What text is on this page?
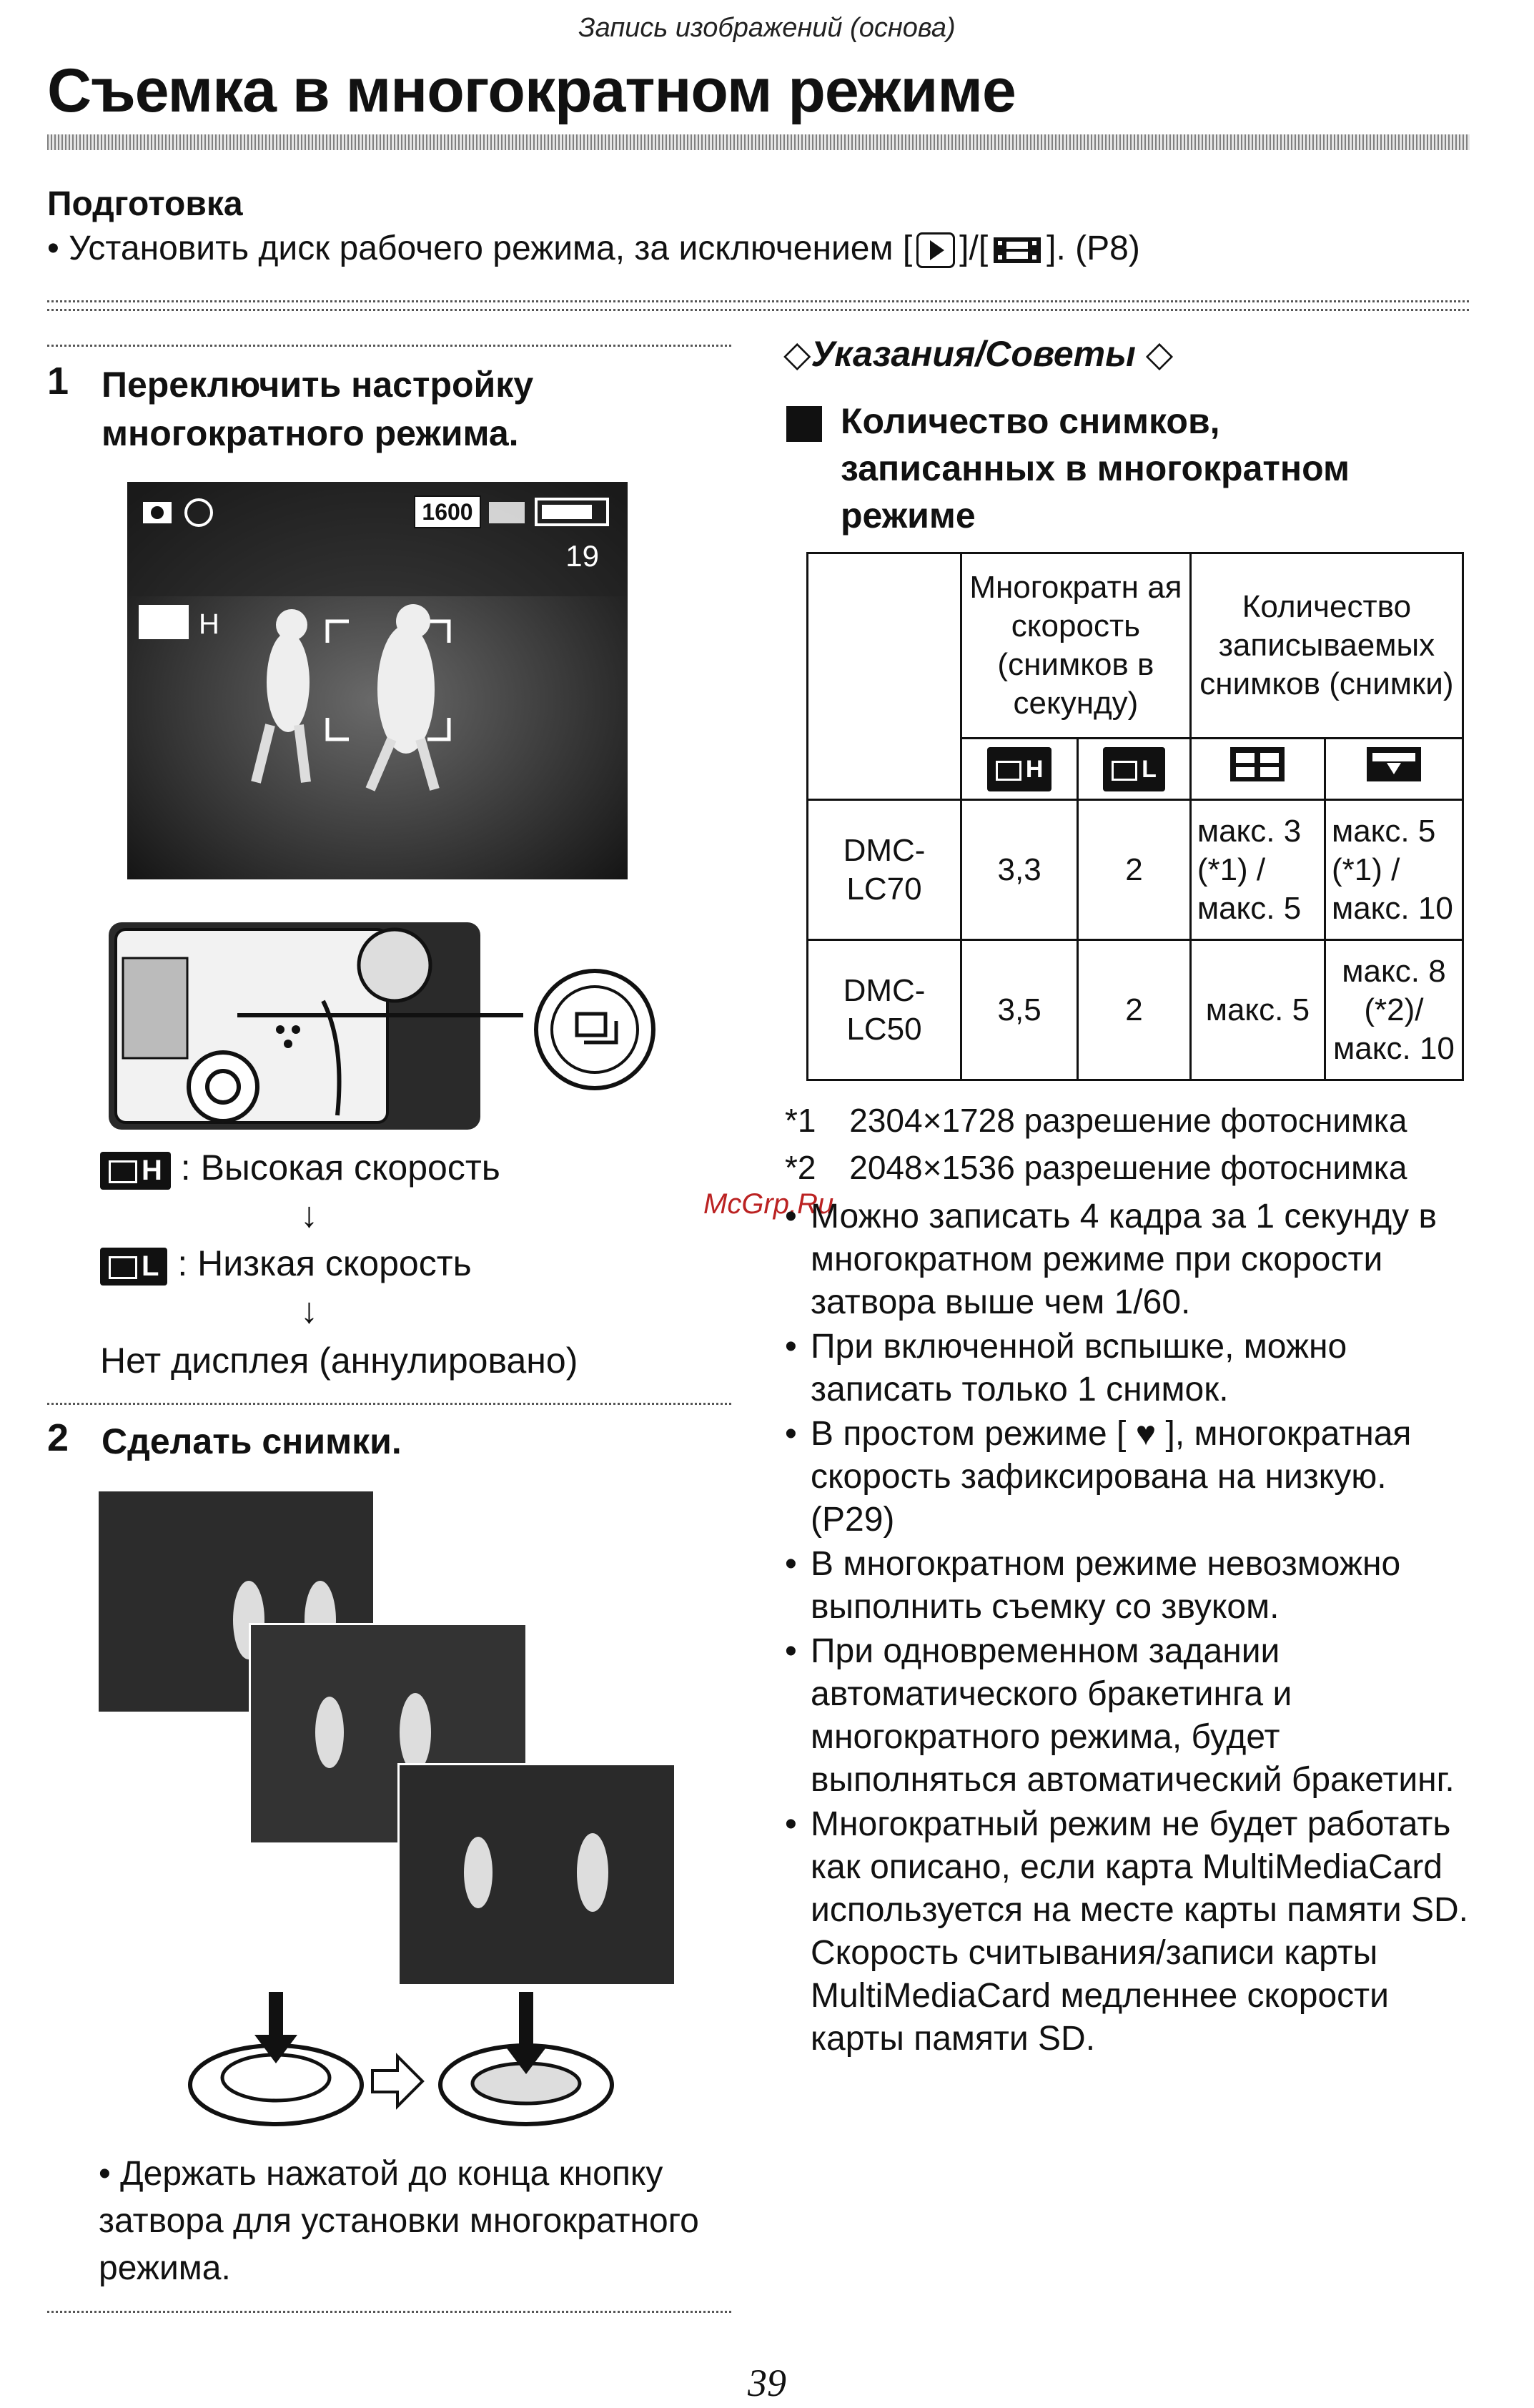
Запись изображений (основа)
Съемка в многократном режиме
Подготовка
• Установить диск рабочего режима, за исключением [ ]/[ ]. (P8)
1 Переключить настройку многократного режима.
1600
19
H
H : Высокая скорость
↓
L : Низкая скорость
↓
Нет дисплея (аннулировано)
2 Сделать снимки.
• Держать нажатой до конца кнопку затвора для установки многократного режима.
◇Указания/Советы ◇
Количество снимков, записанных в многократном режиме
	Многократн ая скорость (снимков в секунду)		Количество записываемых снимков (снимки)	
	H	L		
DMC-LC70	3,3	2	макс. 3 (*1) / макс. 5	макс. 5 (*1) / макс. 10
DMC-LC50	3,5	2	макс. 5	макс. 8 (*2)/ макс. 10
*1 2304×1728 разрешение фотоснимка
*2 2048×1536 разрешение фотоснимка
McGrp.Ru
• Можно записать 4 кадра за 1 секунду в многократном режиме при скорости затвора выше чем 1/60.
• При включенной вспышке, можно записать только 1 снимок.
• В простом режиме [ ♥ ], многократная скорость зафиксирована на низкую. (P29)
• В многократном режиме невозможно выполнить съемку со звуком.
• При одновременном задании автоматического бракетинга и многократного режима, будет выполняться автоматический бракетинг.
• Многократный режим не будет работать как описано, если карта MultiMediaCard используется на месте карты памяти SD. Скорость считывания/записи карты MultiMediaCard медленнее скорости карты памяти SD.
39
